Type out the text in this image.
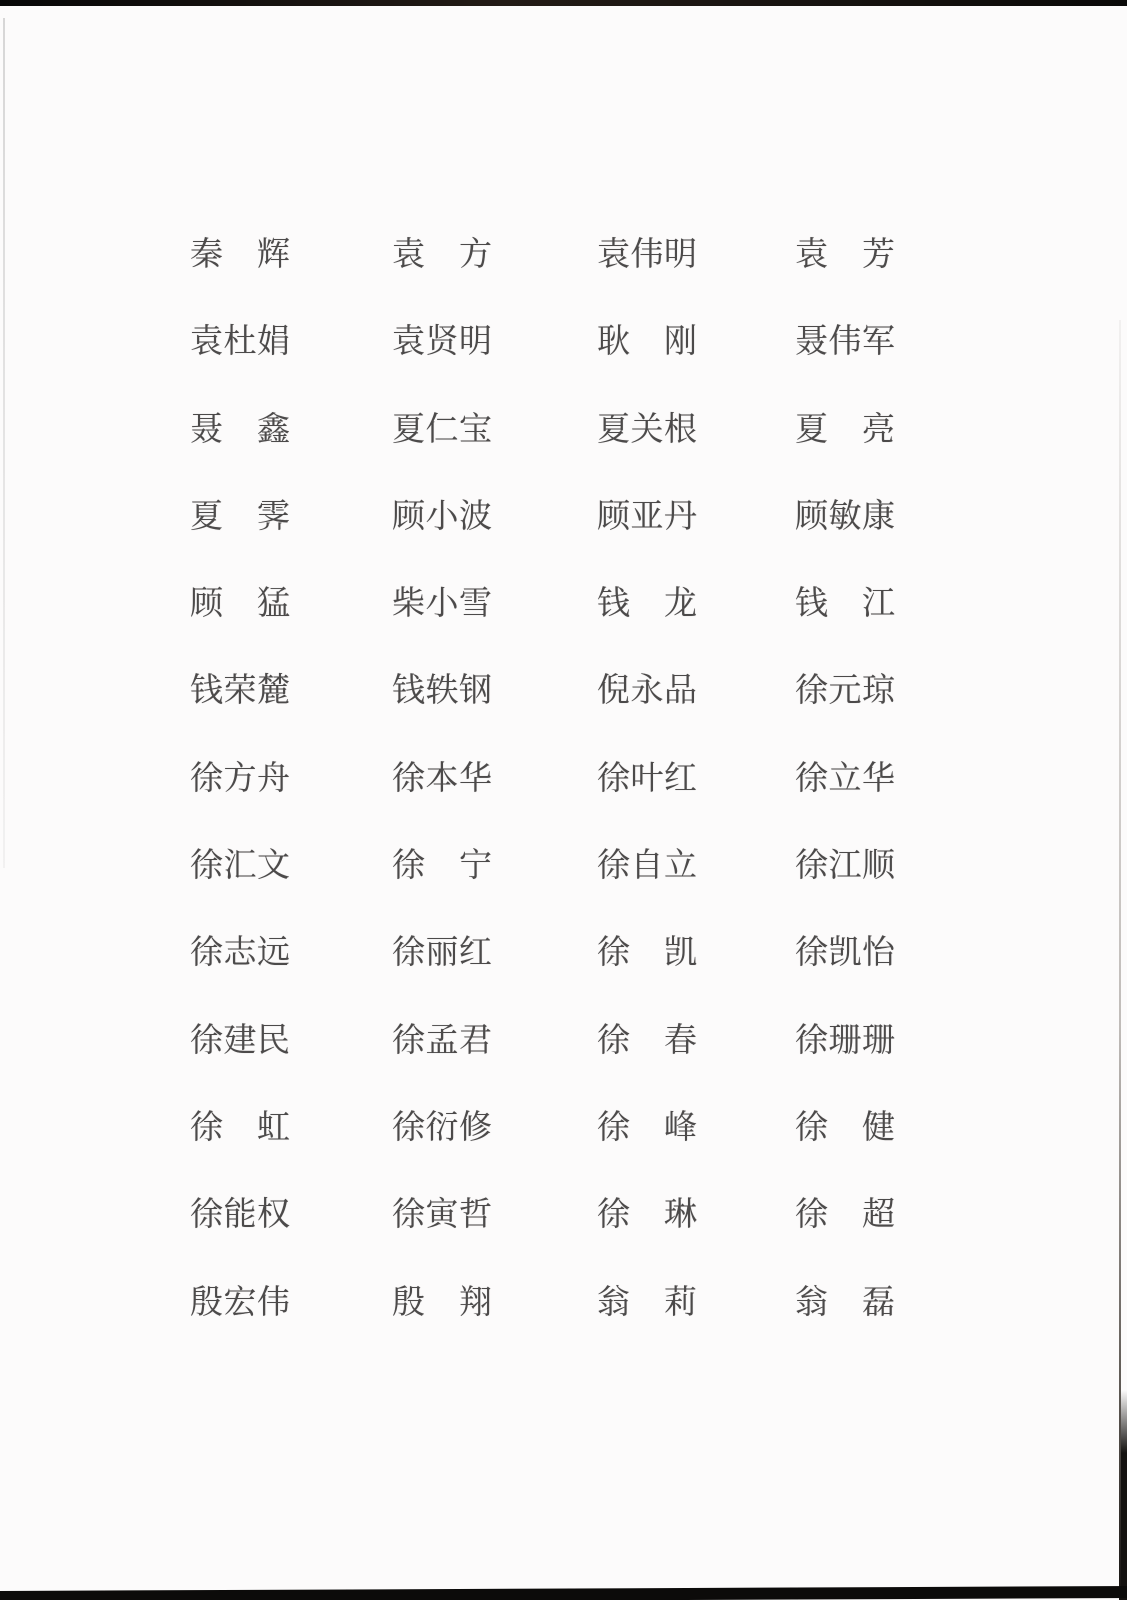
秦　辉	袁　方	袁伟明	袁　芳
袁杜娟	袁贤明	耿　刚	聂伟军
聂　鑫	夏仁宝	夏关根	夏　亮
夏　霁	顾小波	顾亚丹	顾敏康
顾　猛	柴小雪	钱　龙	钱　江
钱荣麓	钱轶钢	倪永品	徐元琼
徐方舟	徐本华	徐叶红	徐立华
徐汇文	徐　宁	徐自立	徐江顺
徐志远	徐丽红	徐　凯	徐凯怡
徐建民	徐孟君	徐　春	徐珊珊
徐　虹	徐衍修	徐　峰	徐　健
徐能权	徐寅哲	徐　琳	徐　超
殷宏伟	殷　翔	翁　莉	翁　磊
